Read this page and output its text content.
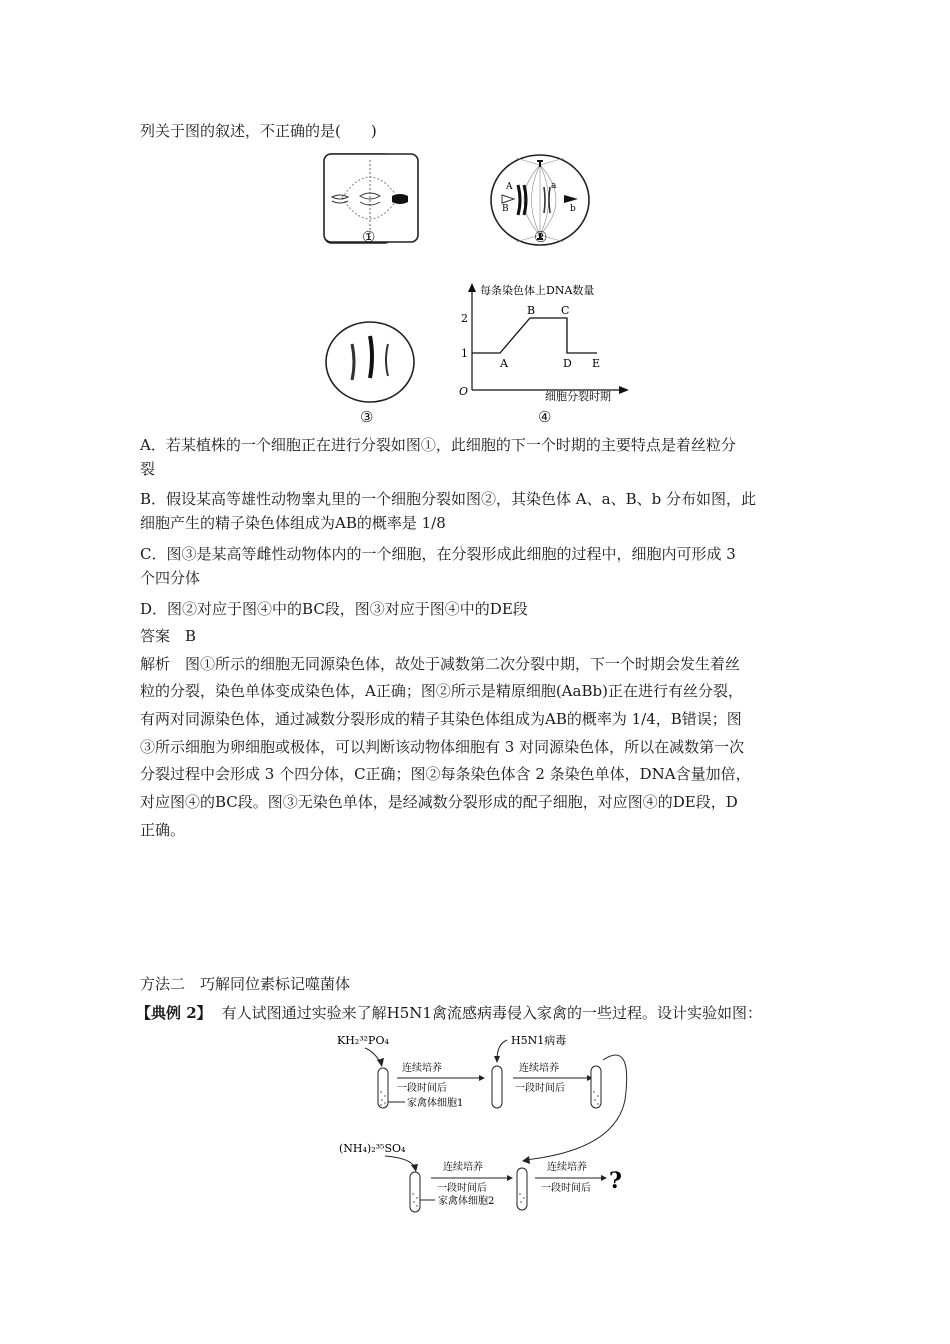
列关于图的叙述，不正确的是(　　)
①
A
B
a
b
②
③
每条染色体上DNA数量
细胞分裂时期
O
2
1
A
B C
D E
④
A．若某植株的一个细胞正在进行分裂如图①，此细胞的下一个时期的主要特点是着丝粒分
裂
B．假设某高等雄性动物睾丸里的一个细胞分裂如图②，其染色体 A、a、B、b 分布如图，此
细胞产生的精子染色体组成为AB的概率是 1/8
C．图③是某高等雌性动物体内的一个细胞，在分裂形成此细胞的过程中，细胞内可形成 3
个四分体
D．图②对应于图④中的BC段，图③对应于图④中的DE段
答案　B
解析　图①所示的细胞无同源染色体，故处于减数第二次分裂中期，下一个时期会发生着丝
粒的分裂，染色单体变成染色体，A正确；图②所示是精原细胞(AaBb)正在进行有丝分裂，
有两对同源染色体，通过减数分裂形成的精子其染色体组成为AB的概率为 1/4，B错误；图
③所示细胞为卵细胞或极体，可以判断该动物体细胞有 3 对同源染色体，所以在减数第一次
分裂过程中会形成 3 个四分体，C正确；图②每条染色体含 2 条染色单体，DNA含量加倍，
对应图④的BC段。图③无染色单体，是经减数分裂形成的配子细胞，对应图④的DE段，D
正确。
方法二　巧解同位素标记噬菌体
【典例 2】 有人试图通过实验来了解H5N1禽流感病毒侵入家禽的一些过程。设计实验如图：
KH₂³²PO₄
家禽体细胞1
连续培养
一段时间后
H5N1病毒
连续培养
一段时间后
(NH₄)₂³⁵SO₄
家禽体细胞2
连续培养
一段时间后
连续培养
一段时间后 ?
